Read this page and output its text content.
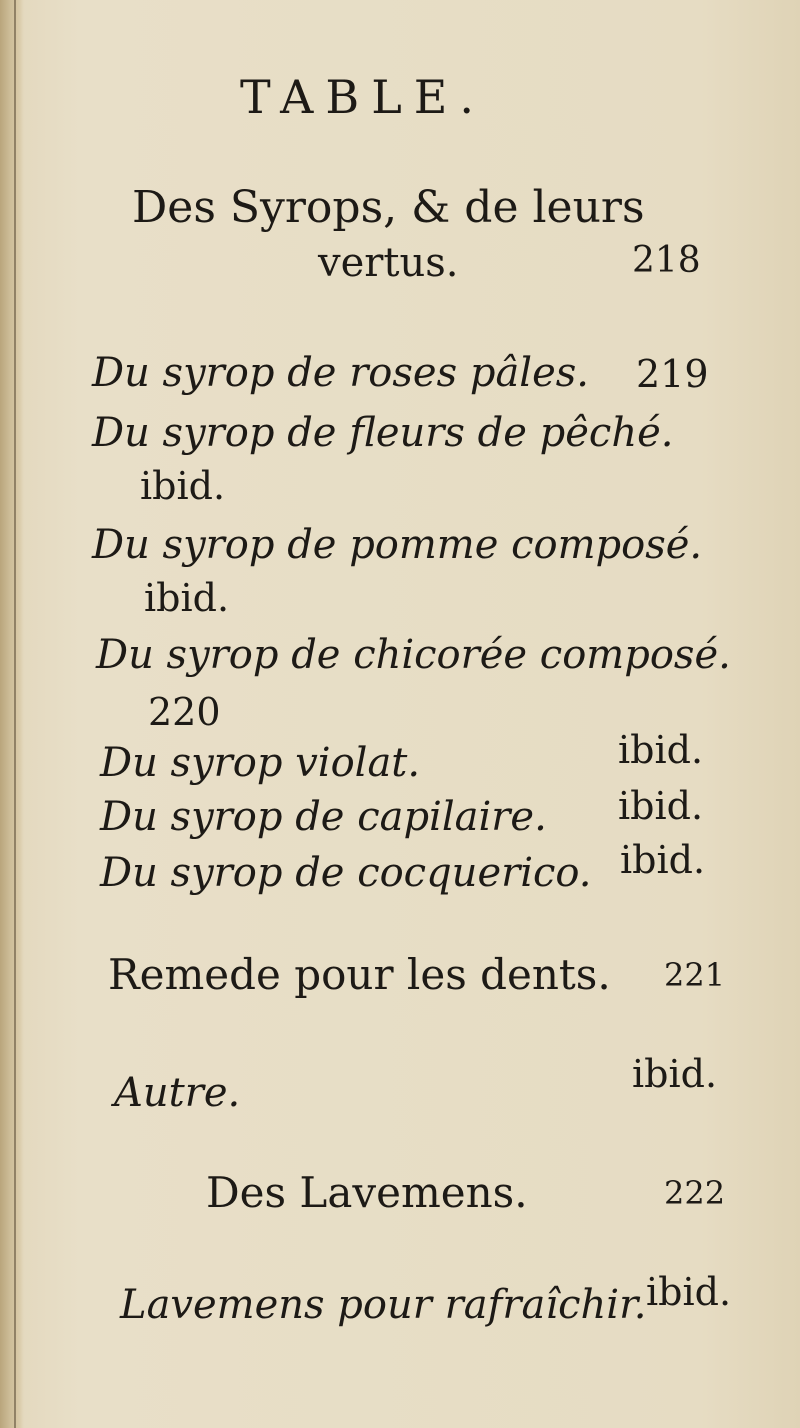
TABLE.
Des Syrops, & de leurs
vertus.	218
Du syrop de roses pâles. 219
Du syrop de fleurs de pêché.
ibid.
Du syrop de pomme composé.
ibid.
Du syrop de chicorée composé.
220
Du syrop violat.	ibid.
Du syrop de capilaire. ibid.
Du syrop de cocquerico. ibid.
Remede pour les dents. 221
Autre.	ibid.
Des Lavemens.	222
Lavemens pour rafraîchir. ibid.
